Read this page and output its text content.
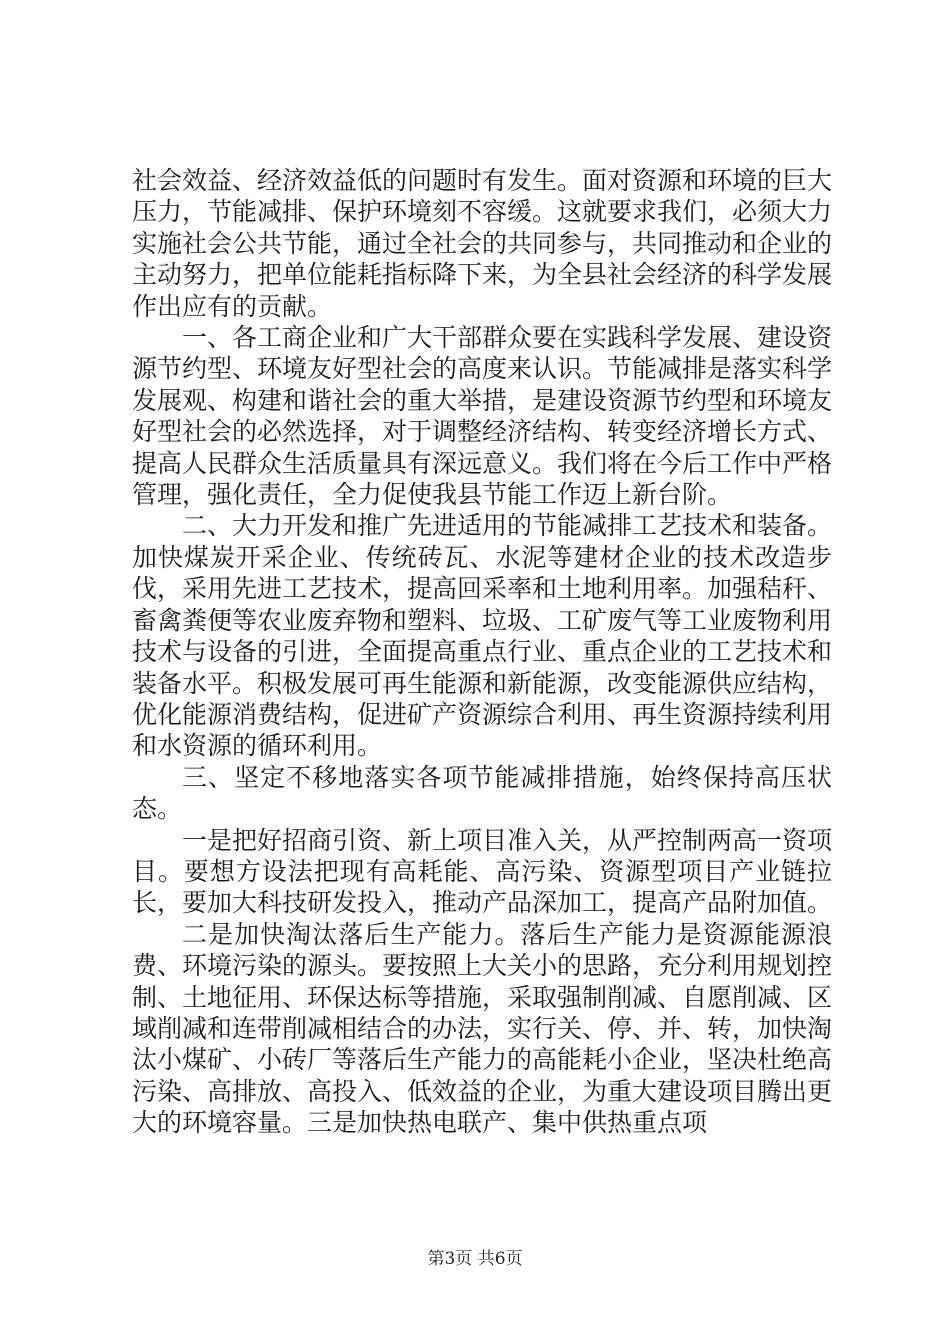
社会效益、经济效益低的问题时有发生。面对资源和环境的巨大压力，节能减排、保护环境刻不容缓。这就要求我们，必须大力实施社会公共节能，通过全社会的共同参与，共同推动和企业的主动努力，把单位能耗指标降下来，为全县社会经济的科学发展作出应有的贡献。

一、各工商企业和广大干部群众要在实践科学发展、建设资源节约型、环境友好型社会的高度来认识。节能减排是落实科学发展观、构建和谐社会的重大举措，是建设资源节约型和环境友好型社会的必然选择，对于调整经济结构、转变经济增长方式、提高人民群众生活质量具有深远意义。我们将在今后工作中严格管理，强化责任，全力促使我县节能工作迈上新台阶。

二、大力开发和推广先进适用的节能减排工艺技术和装备。加快煤炭开采企业、传统砖瓦、水泥等建材企业的技术改造步伐，采用先进工艺技术，提高回采率和土地利用率。加强秸秆、畜禽粪便等农业废弃物和塑料、垃圾、工矿废气等工业废物利用技术与设备的引进，全面提高重点行业、重点企业的工艺技术和装备水平。积极发展可再生能源和新能源，改变能源供应结构，优化能源消费结构，促进矿产资源综合利用、再生资源持续利用和水资源的循环利用。

三、坚定不移地落实各项节能减排措施，始终保持高压状态。

一是把好招商引资、新上项目准入关，从严控制两高一资项目。要想方设法把现有高耗能、高污染、资源型项目产业链拉长，要加大科技研发投入，推动产品深加工，提高产品附加值。

二是加快淘汰落后生产能力。落后生产能力是资源能源浪费、环境污染的源头。要按照上大关小的思路，充分利用规划控制、土地征用、环保达标等措施，采取强制削减、自愿削减、区域削减和连带削减相结合的办法，实行关、停、并、转，加快淘汰小煤矿、小砖厂等落后生产能力的高能耗小企业，坚决杜绝高污染、高排放、高投入、低效益的企业，为重大建设项目腾出更大的环境容量。三是加快热电联产、集中供热重点项

第3页 共6页
